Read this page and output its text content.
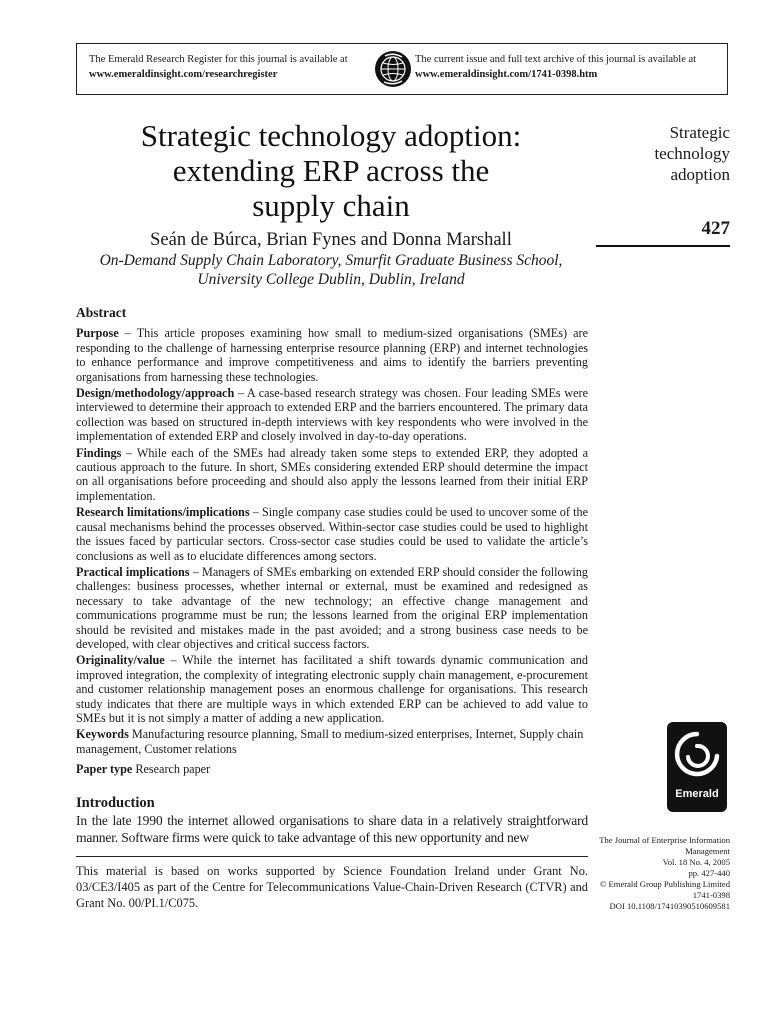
The Emerald Research Register for this journal is available at
www.emeraldinsight.com/researchregister
The current issue and full text archive of this journal is available at
www.emeraldinsight.com/1741-0398.htm
Strategic technology adoption:
extending ERP across the
supply chain

Seán de Búrca, Brian Fynes and Donna Marshall

On-Demand Supply Chain Laboratory, Smurfit Graduate Business School,
University College Dublin, Dublin, Ireland

Strategic
technology
adoption
427
Abstract

Purpose – This article proposes examining how small to medium-sized organisations (SMEs) are responding to the challenge of harnessing enterprise resource planning (ERP) and internet technologies to enhance performance and improve competitiveness and aims to identify the barriers preventing organisations from harnessing these technologies.

Design/methodology/approach – A case-based research strategy was chosen. Four leading SMEs were interviewed to determine their approach to extended ERP and the barriers encountered. The primary data collection was based on structured in-depth interviews with key respondents who were involved in the implementation of extended ERP and closely involved in day-to-day operations.

Findings – While each of the SMEs had already taken some steps to extended ERP, they adopted a cautious approach to the future. In short, SMEs considering extended ERP should determine the impact on all organisations before proceeding and should also apply the lessons learned from their initial ERP implementation.

Research limitations/implications – Single company case studies could be used to uncover some of the causal mechanisms behind the processes observed. Within-sector case studies could be used to highlight the issues faced by particular sectors. Cross-sector case studies could be used to validate the article’s conclusions as well as to elucidate differences among sectors.

Practical implications – Managers of SMEs embarking on extended ERP should consider the following challenges: business processes, whether internal or external, must be examined and redesigned as necessary to take advantage of the new technology; an effective change management and communications programme must be run; the lessons learned from the original ERP implementation should be revisited and mistakes made in the past avoided; and a strong business case needs to be developed, with clear objectives and critical success factors.

Originality/value – While the internet has facilitated a shift towards dynamic communication and improved integration, the complexity of integrating electronic supply chain management, e-procurement and customer relationship management poses an enormous challenge for organisations. This research study indicates that there are multiple ways in which extended ERP can be achieved to add value to SMEs but it is not simply a matter of adding a new application.

Keywords Manufacturing resource planning, Small to medium-sized enterprises, Internet, Supply chain management, Customer relations

Paper type Research paper

Emerald
Introduction
In the late 1990 the internet allowed organisations to share data in a relatively straightforward manner. Software firms were quick to take advantage of this new opportunity and new
This material is based on works supported by Science Foundation Ireland under Grant No. 03/CE3/I405 as part of the Centre for Telecommunications Value-Chain-Driven Research (CTVR) and Grant No. 00/PI.1/C075.
The Journal of Enterprise Information
Management
Vol. 18 No. 4, 2005
pp. 427-440
© Emerald Group Publishing Limited
1741-0398
DOI 10.1108/17410390510609581
